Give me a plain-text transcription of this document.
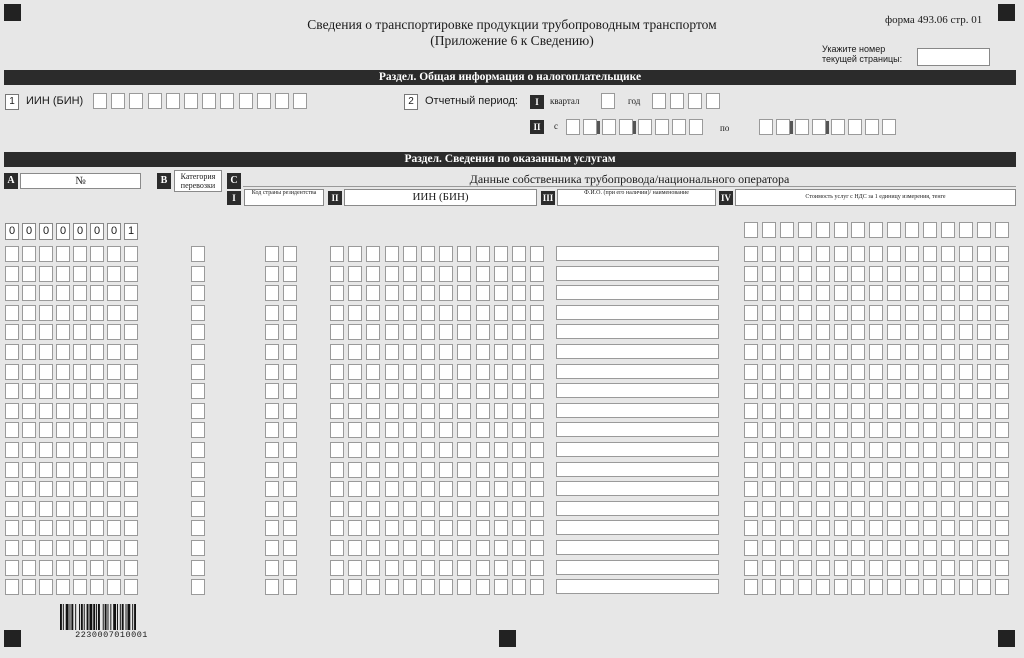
Сведения о транспортировке продукции трубопроводным транспортом
(Приложение 6 к Сведению)
форма 493.06 стр. 01
Укажите номер
текущей страницы:
Раздел. Общая информация о налогоплательщике
1	ИИН (БИН)	2	Отчетный период:	I	квартал	год
II	с	по
Раздел. Сведения по оказанным услугам
A	№	B	Категория перевозки	C	Данные собственника трубопровода/национального оператора
I	Код страны резидентства	II	ИИН (БИН)	III	Ф.И.О. (при его наличии)/ наименование	IV	Стоимость услуг с НДС за 1 единицу измерения, тенге
0 0 0 0 0 0 0 1
2230007010001
